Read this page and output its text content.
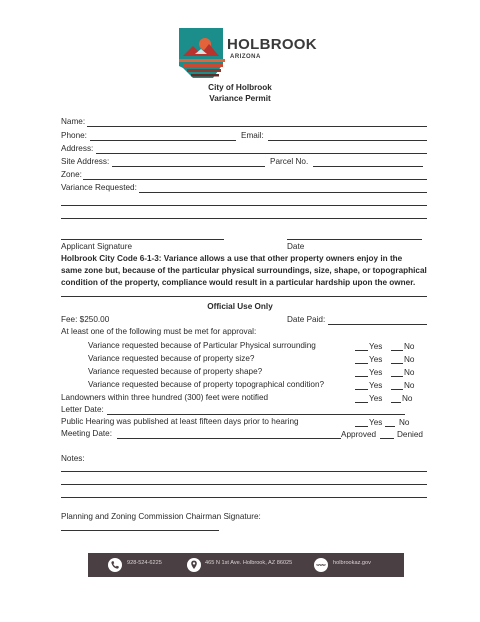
HOLBROOK
ARIZONA
City of Holbrook
Variance Permit
Name:
Phone:	Email:
Address:
Site Address:	Parcel No.
Zone:
Variance Requested:
Applicant Signature	Date
Holbrook City Code 6-1-3: Variance allows a use that other property owners enjoy in the
same zone but, because of the particular physical surroundings, size, shape, or topographical
condition of the property, compliance would result in a particular hardship upon the owner.
Official Use Only
Fee: $250.00	Date Paid:
At least one of the following must be met for approval:
Variance requested because of Particular Physical surrounding	Yes	No
Variance requested because of property size?	Yes	No
Variance requested because of property shape?	Yes	No
Variance requested because of property topographical condition?	Yes	No
Landowners within three hundred (300) feet were notified	Yes No
Letter Date:
Public Hearing was published at least fifteen days prior to hearing	Yes No
Meeting Date:	Approved	Denied
Notes:
Planning and Zoning Commission Chairman Signature:
928-524-6225	465 N 1st Ave. Holbrook, AZ 86025	www	holbrookaz.gov
